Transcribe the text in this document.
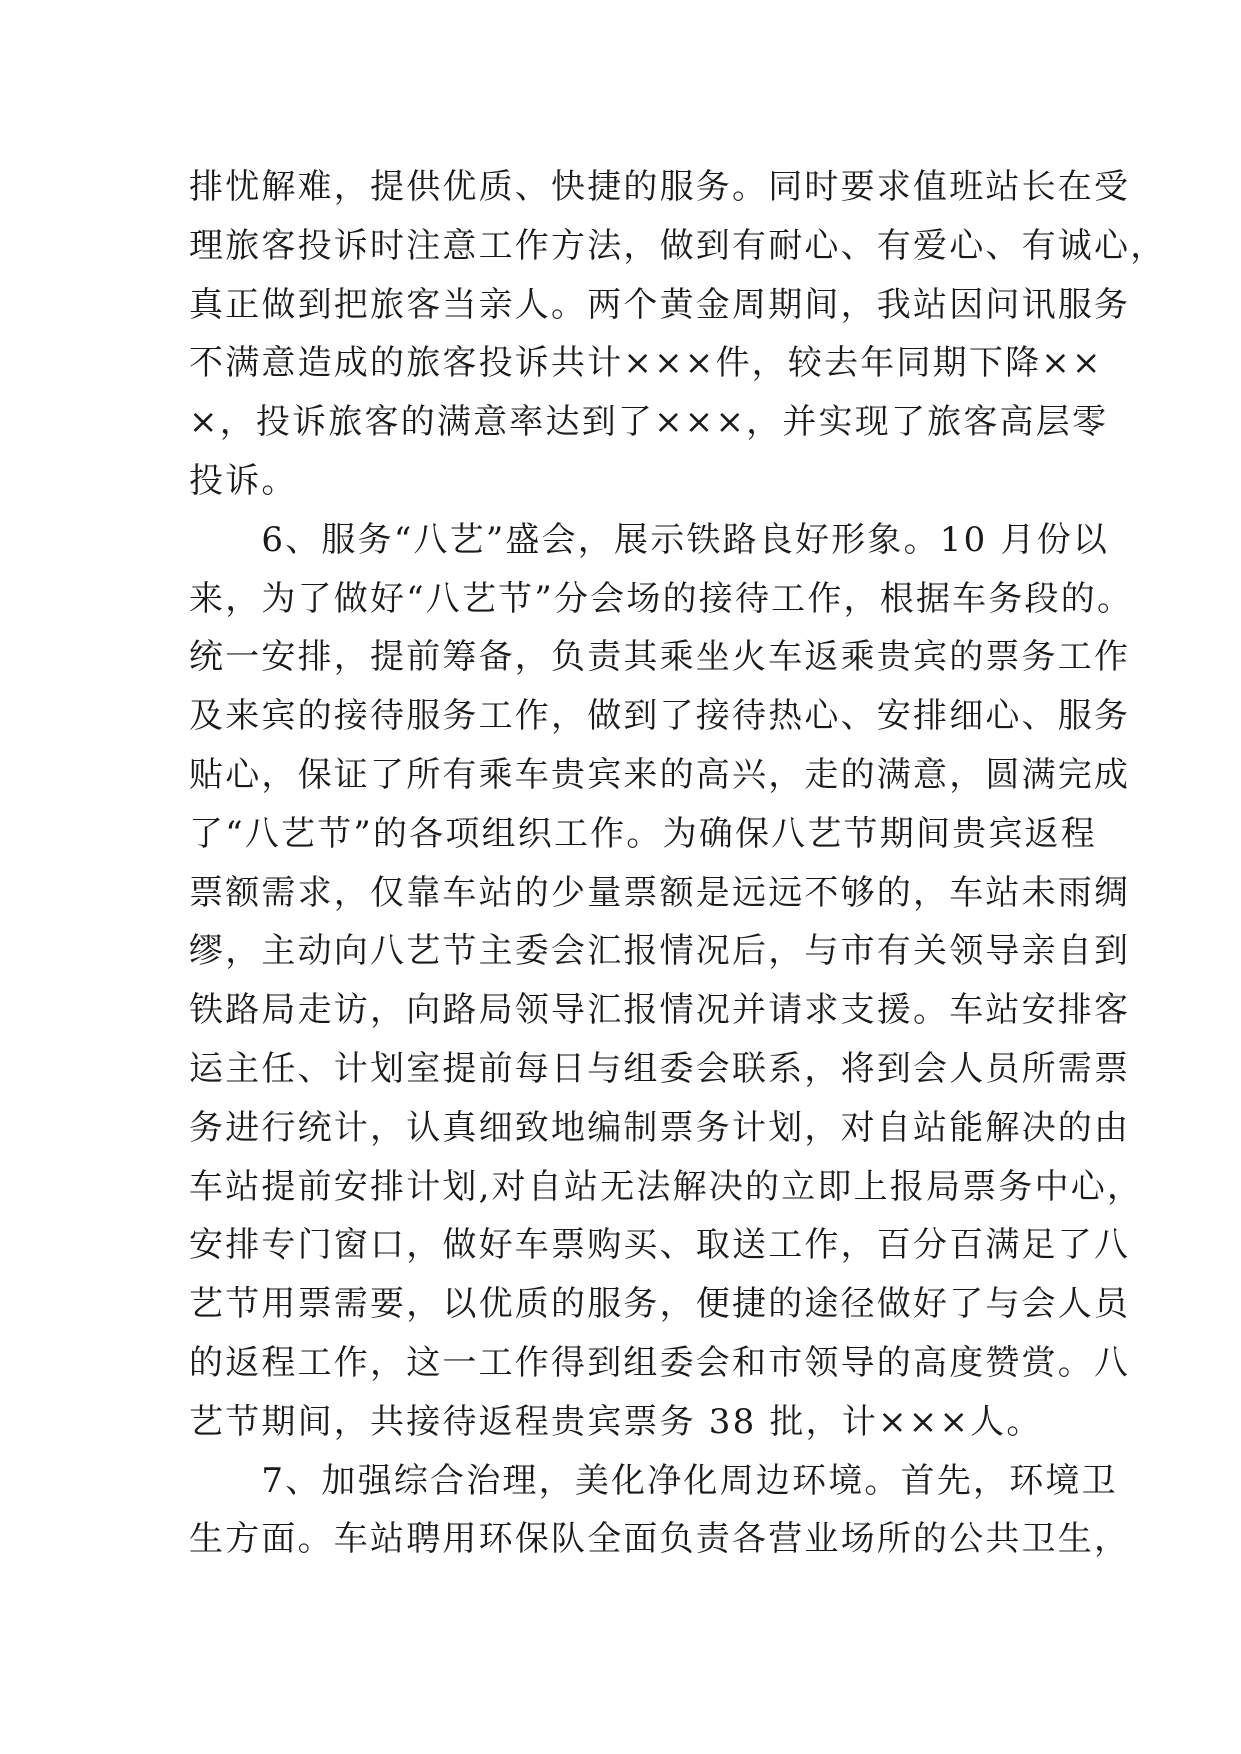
排忧解难，提供优质、快捷的服务。同时要求值班站长在受
理旅客投诉时注意工作方法，做到有耐心、有爱心、有诚心，
真正做到把旅客当亲人。两个黄金周期间，我站因问讯服务
不满意造成的旅客投诉共计×××件，较去年同期下降××
×，投诉旅客的满意率达到了×××，并实现了旅客高层零
投诉。
　　6、服务“八艺”盛会，展示铁路良好形象。10 月份以
来，为了做好“八艺节”分会场的接待工作，根据车务段的。
统一安排，提前筹备，负责其乘坐火车返乘贵宾的票务工作
及来宾的接待服务工作，做到了接待热心、安排细心、服务
贴心，保证了所有乘车贵宾来的高兴，走的满意，圆满完成
了“八艺节”的各项组织工作。为确保八艺节期间贵宾返程
票额需求，仅靠车站的少量票额是远远不够的，车站未雨绸
缪，主动向八艺节主委会汇报情况后，与市有关领导亲自到
铁路局走访，向路局领导汇报情况并请求支援。车站安排客
运主任、计划室提前每日与组委会联系，将到会人员所需票
务进行统计，认真细致地编制票务计划，对自站能解决的由
车站提前安排计划,对自站无法解决的立即上报局票务中心，
安排专门窗口，做好车票购买、取送工作，百分百满足了八
艺节用票需要，以优质的服务，便捷的途径做好了与会人员
的返程工作，这一工作得到组委会和市领导的高度赞赏。八
艺节期间，共接待返程贵宾票务 38 批，计×××人。
　　7、加强综合治理，美化净化周边环境。首先，环境卫
生方面。车站聘用环保队全面负责各营业场所的公共卫生，
